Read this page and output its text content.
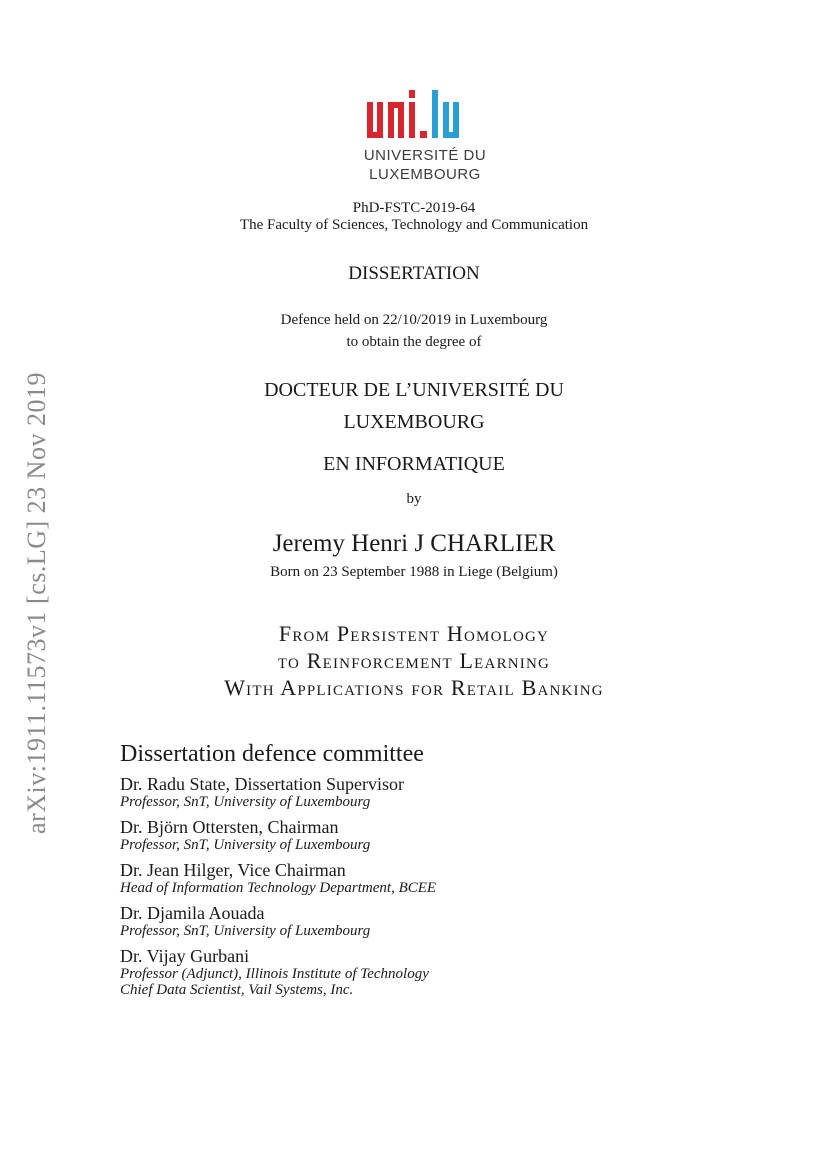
UNIVERSITÉ DU
LUXEMBOURG
arXiv:1911.11573v1 [cs.LG] 23 Nov 2019
PhD-FSTC-2019-64
The Faculty of Sciences, Technology and Communication
DISSERTATION
Defence held on 22/10/2019 in Luxembourg
to obtain the degree of
DOCTEUR DE L’UNIVERSITÉ DU
LUXEMBOURG
EN INFORMATIQUE
by
Jeremy Henri J CHARLIER
Born on 23 September 1988 in Liege (Belgium)
From Persistent Homology
to Reinforcement Learning
With Applications for Retail Banking
Dissertation defence committee
Dr. Radu State, Dissertation Supervisor
Professor, SnT, University of Luxembourg
Dr. Björn Ottersten, Chairman
Professor, SnT, University of Luxembourg
Dr. Jean Hilger, Vice Chairman
Head of Information Technology Department, BCEE
Dr. Djamila Aouada
Professor, SnT, University of Luxembourg
Dr. Vijay Gurbani
Professor (Adjunct), Illinois Institute of Technology
Chief Data Scientist, Vail Systems, Inc.
